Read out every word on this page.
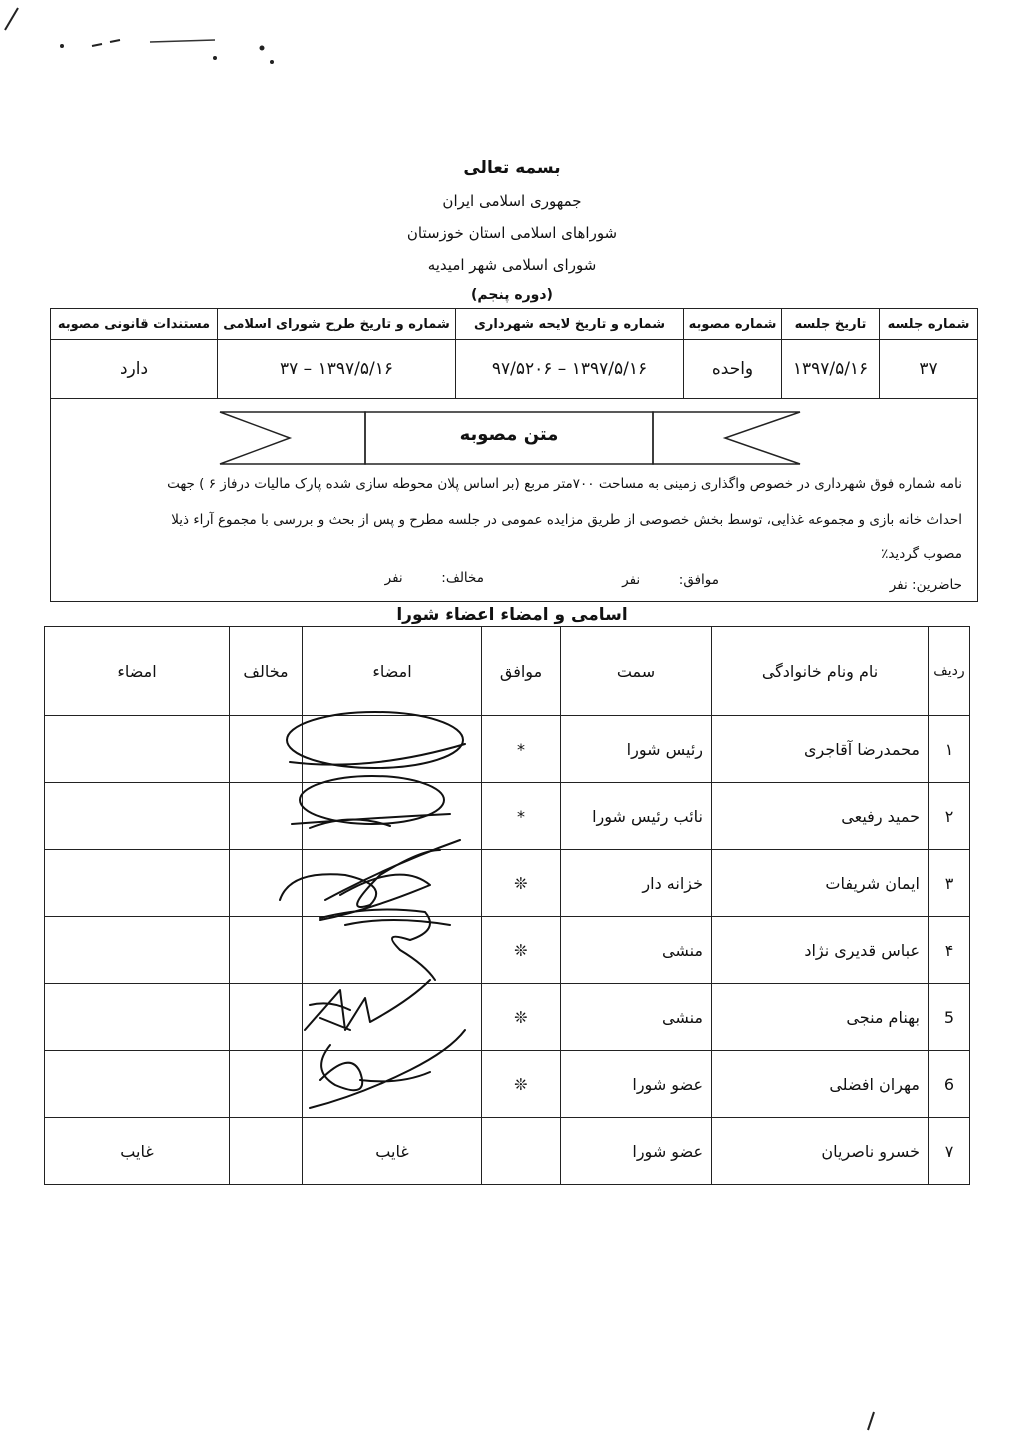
بسمه تعالی
جمهوری اسلامی ایران
شوراهای اسلامی استان خوزستان
شورای اسلامی شهر امیدیه
(دوره پنجم)
شماره جلسه	تاریخ جلسه	شماره مصوبه	شماره و تاریخ لایحه شهرداری	شماره و تاریخ طرح شورای اسلامی	مستندات قانونی مصوبه
۳۷	۱۳۹۷/۵/۱۶	واحده	۱۳۹۷/۵/۱۶ – ۹۷/۵۲۰۶	۱۳۹۷/۵/۱۶ – ۳۷	دارد
متن مصوبه
نامه شماره فوق شهرداری در خصوص واگذاری زمینی به مساحت ۷۰۰متر مربع (بر اساس پلان محوطه سازی شده پارک مالیات درفاز ۶ ) جهت
احداث خانه بازی و مجموعه غذایی، توسط بخش خصوصی از طریق مزایده عمومی در جلسه مطرح و پس از بحث و بررسی با مجموع آراء ذیلا
مصوب گردید٪
حاضرین: نفر
موافق:  نفر
مخالف:  نفر
اسامی و امضاء اعضاء شورا
ردیف	نام ونام خانوادگی	سمت	موافق	امضاء	مخالف	امضاء
۱	محمدرضا آقاجری	رئیس شورا	*			
۲	حمید رفیعی	نائب رئیس شورا	*			
۳	ایمان شریفات	خزانه دار	❊			
۴	عباس قدیری نژاد	منشی	❊			
5	بهنام منجی	منشی	❊			
6	مهران افضلی	عضو شورا	❊			
۷	خسرو ناصریان	عضو شورا		غایب		غایب
